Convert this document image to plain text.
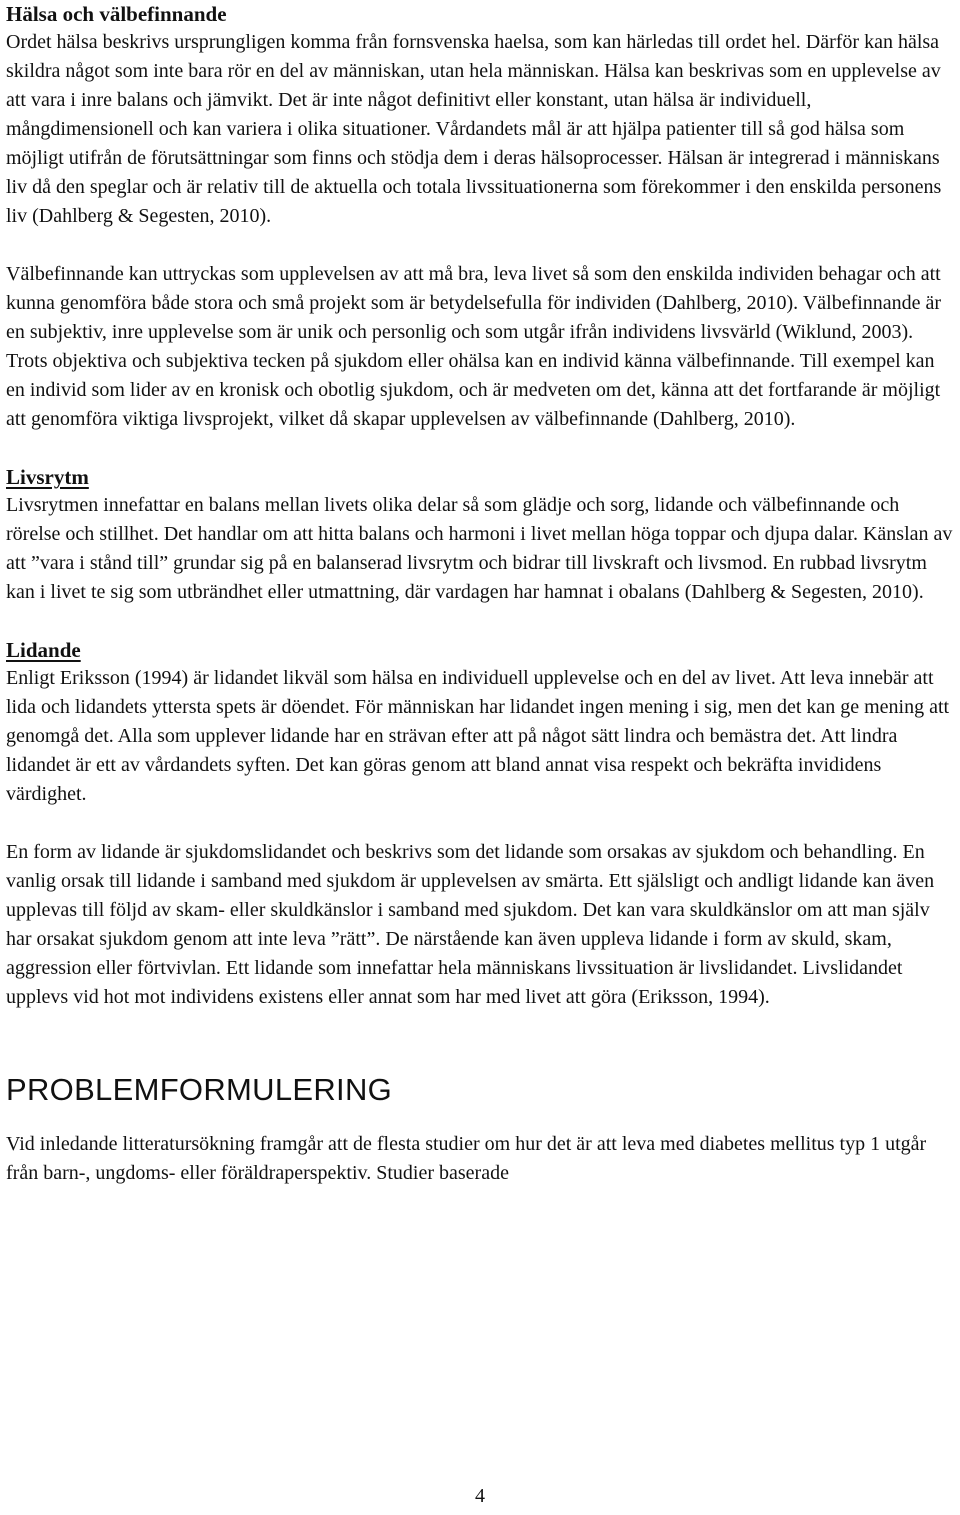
Hälsa och välbefinnande

Ordet hälsa beskrivs ursprungligen komma från fornsvenska haelsa, som kan härledas till ordet hel. Därför kan hälsa skildra något som inte bara rör en del av människan, utan hela människan. Hälsa kan beskrivas som en upplevelse av att vara i inre balans och jämvikt. Det är inte något definitivt eller konstant, utan hälsa är individuell, mångdimensionell och kan variera i olika situationer. Vårdandets mål är att hjälpa patienter till så god hälsa som möjligt utifrån de förutsättningar som finns och stödja dem i deras hälsoprocesser. Hälsan är integrerad i människans liv då den speglar och är relativ till de aktuella och totala livssituationerna som förekommer i den enskilda personens liv (Dahlberg & Segesten, 2010).

Välbefinnande kan uttryckas som upplevelsen av att må bra, leva livet så som den enskilda individen behagar och att kunna genomföra både stora och små projekt som är betydelsefulla för individen (Dahlberg, 2010). Välbefinnande är en subjektiv, inre upplevelse som är unik och personlig och som utgår ifrån individens livsvärld (Wiklund, 2003). Trots objektiva och subjektiva tecken på sjukdom eller ohälsa kan en individ känna välbefinnande. Till exempel kan en individ som lider av en kronisk och obotlig sjukdom, och är medveten om det, känna att det fortfarande är möjligt att genomföra viktiga livsprojekt, vilket då skapar upplevelsen av välbefinnande (Dahlberg, 2010).

Livsrytm

Livsrytmen innefattar en balans mellan livets olika delar så som glädje och sorg, lidande och välbefinnande och rörelse och stillhet. Det handlar om att hitta balans och harmoni i livet mellan höga toppar och djupa dalar. Känslan av att ”vara i stånd till” grundar sig på en balanserad livsrytm och bidrar till livskraft och livsmod. En rubbad livsrytm kan i livet te sig som utbrändhet eller utmattning, där vardagen har hamnat i obalans (Dahlberg & Segesten, 2010).

Lidande

Enligt Eriksson (1994) är lidandet likväl som hälsa en individuell upplevelse och en del av livet. Att leva innebär att lida och lidandets yttersta spets är döendet. För människan har lidandet ingen mening i sig, men det kan ge mening att genomgå det. Alla som upplever lidande har en strävan efter att på något sätt lindra och bemästra det. Att lindra lidandet är ett av vårdandets syften. Det kan göras genom att bland annat visa respekt och bekräfta invididens värdighet.

En form av lidande är sjukdomslidandet och beskrivs som det lidande som orsakas av sjukdom och behandling. En vanlig orsak till lidande i samband med sjukdom är upplevelsen av smärta. Ett själsligt och andligt lidande kan även upplevas till följd av skam- eller skuldkänslor i samband med sjukdom. Det kan vara skuldkänslor om att man själv har orsakat sjukdom genom att inte leva ”rätt”. De närstående kan även uppleva lidande i form av skuld, skam, aggression eller förtvivlan. Ett lidande som innefattar hela människans livssituation är livslidandet. Livslidandet upplevs vid hot mot individens existens eller annat som har med livet att göra (Eriksson, 1994).

PROBLEMFORMULERING

Vid inledande litteratursökning framgår att de flesta studier om hur det är att leva med diabetes mellitus typ 1 utgår från barn-, ungdoms- eller föräldraperspektiv. Studier baserade

4
